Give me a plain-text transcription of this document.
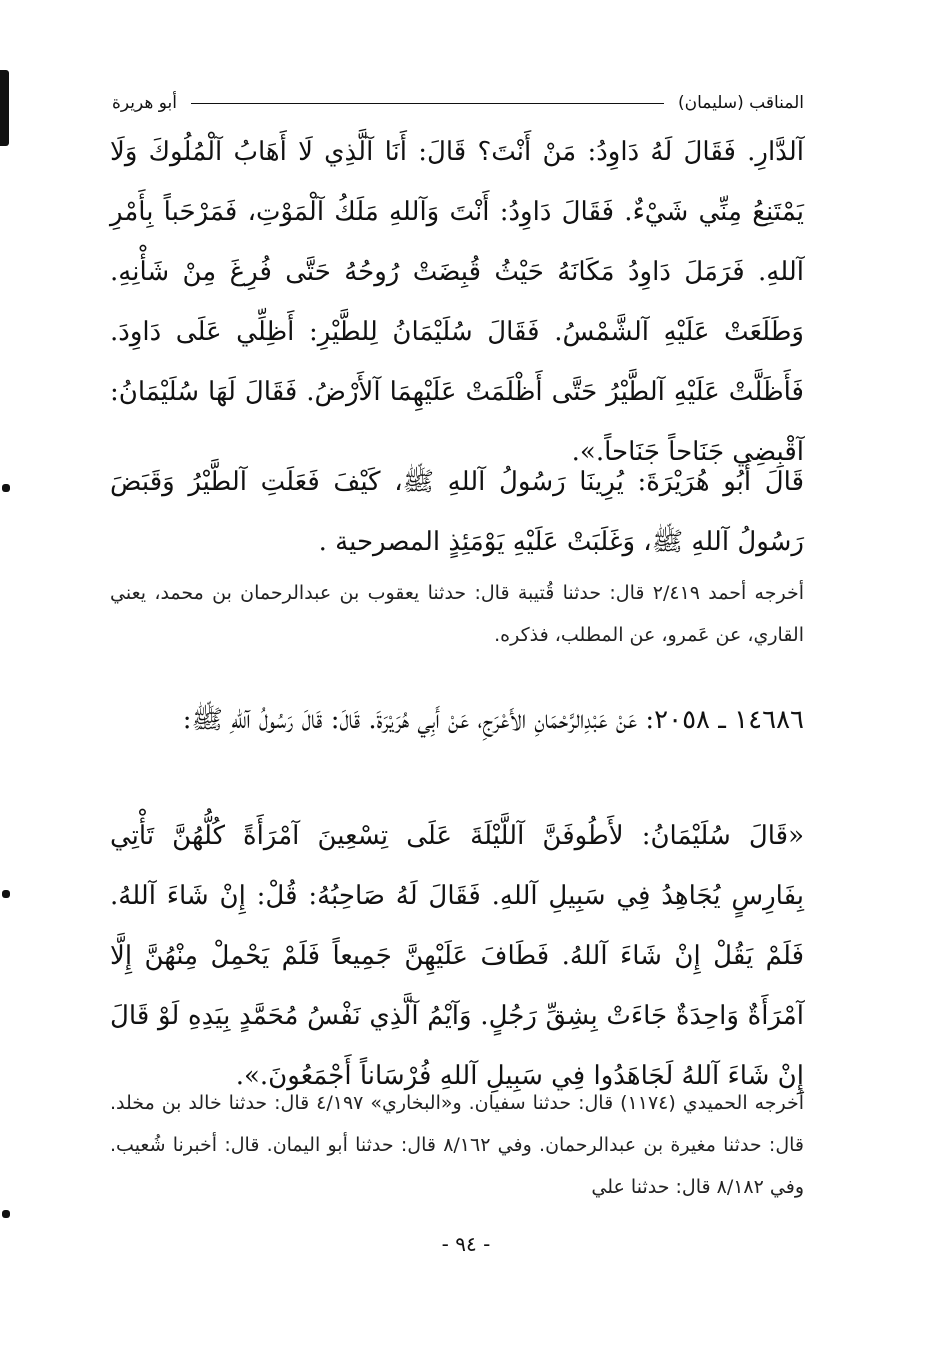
المناقب (سليمان)
أبو هريرة

آلدَّارِ. فَقَالَ لَهُ دَاوِدُ: مَنْ أَنْتَ؟ قَالَ: أَنَا آلَّذِي لَا أَهَابُ آلْمُلُوكَ وَلَا يَمْتَنِعُ مِنِّي شَيْءٌ. فَقَالَ دَاوِدُ: أَنْتَ وَآللهِ مَلَكُ آلْمَوْتِ، فَمَرْحَباً بِأَمْرِ آللهِ. فَرَمَلَ دَاوِدُ مَكَانَهُ حَيْثُ قُبِضَتْ رُوحُهُ حَتَّى فُرِغَ مِنْ شَأْنِهِ. وَطَلَعَتْ عَلَيْهِ آلشَّمْسُ. فَقَالَ سُلَيْمَانُ لِلطَّيْرِ: أَظِلِّي عَلَى دَاوِدَ. فَأَظَلَّتْ عَلَيْهِ آلطَّيْرُ حَتَّى أَظْلَمَتْ عَلَيْهِمَا آلأَرْضُ. فَقَالَ لَهَا سُلَيْمَانُ: آقْبِضِي جَنَاحاً جَنَاحاً.».

قَالَ أَبُو هُرَيْرَةَ: يُرِينَا رَسُولُ آللهِ ﷺ، كَيْفَ فَعَلَتِ آلطَّيْرُ وَقَبَضَ رَسُولُ آللهِ ﷺ، وَغَلَبَتْ عَلَيْهِ يَوْمَئِذٍ المصرحية .

أخرجه أحمد ٢/٤١٩ قال: حدثنا قُتيبة قال: حدثنا يعقوب بن عبدالرحمان بن محمد، يعني القاري، عن عَمرو، عن المطلب، فذكره.

١٤٦٨٦ ـ ٢٠٥٨: عَنْ عَبْدِالرَّحْمَانِ الأَعْرَجِ، عَنْ أَبِي هُرَيْرَةَ. قَالَ: قَالَ رَسُولُ آللهِ ﷺ:

«قَالَ سُلَيْمَانُ: لأَطُوفَنَّ آللَّيْلَةَ عَلَى تِسْعِينَ آمْرَأَةً كُلُّهُنَّ تَأْتِي بِفَارِسٍ يُجَاهِدُ فِي سَبِيلِ آللهِ. فَقَالَ لَهُ صَاحِبُهُ: قُلْ: إِنْ شَاءَ آللهُ. فَلَمْ يَقُلْ إِنْ شَاءَ آللهُ. فَطَافَ عَلَيْهِنَّ جَمِيعاً فَلَمْ يَحْمِلْ مِنْهُنَّ إِلَّا آمْرَأَةٌ وَاحِدَةٌ جَاءَتْ بِشِقِّ رَجُلٍ. وَآيْمُ آلَّذِي نَفْسُ مُحَمَّدٍ بِيَدِهِ لَوْ قَالَ إِنْ شَاءَ آللهُ لَجَاهَدُوا فِي سَبِيلِ آللهِ فُرْسَاناً أَجْمَعُونَ.».

أخرجه الحميدي (١١٧٤) قال: حدثنا سفيان. و«البخاري» ٤/١٩٧ قال: حدثنا خالد بن مخلد. قال: حدثنا مغيرة بن عبدالرحمان. وفي ٨/١٦٢ قال: حدثنا أبو اليمان. قال: أخبرنا شُعيب. وفي ٨/١٨٢ قال: حدثنا علي

- ٩٤ -
